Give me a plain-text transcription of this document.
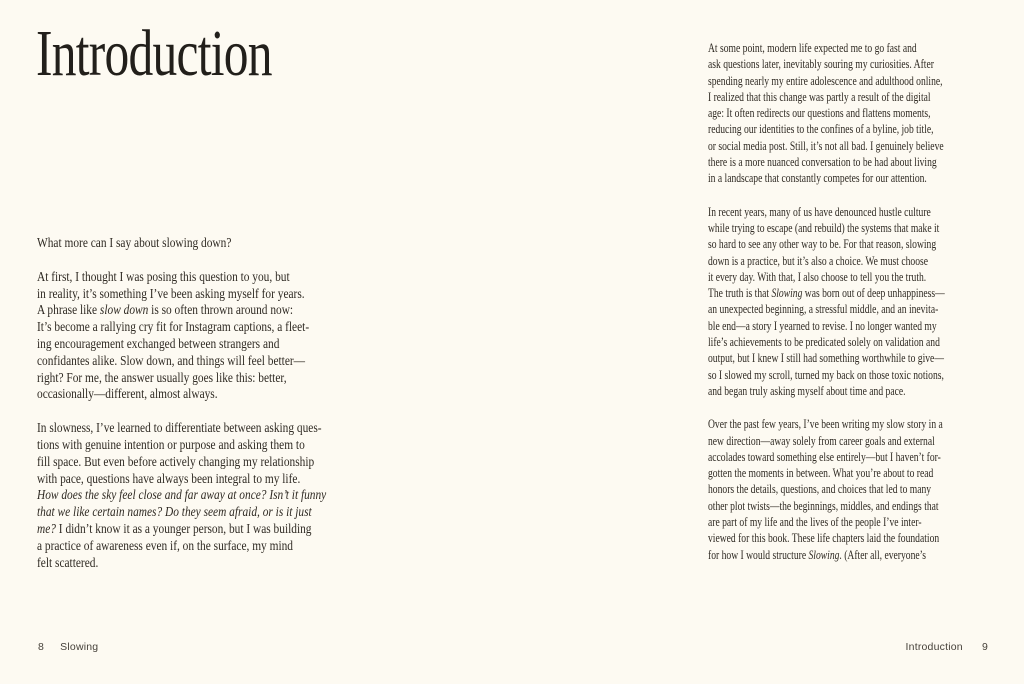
Introduction

What more can I say about slowing down?

At first, I thought I was posing this question to you, but
in reality, it’s something I’ve been asking myself for years.
A phrase like slow down is so often thrown around now:
It’s become a rallying cry fit for Instagram captions, a fleet-
ing encouragement exchanged between strangers and
confidantes alike. Slow down, and things will feel better—
right? For me, the answer usually goes like this: better,
occasionally—different, almost always.

In slowness, I’ve learned to differentiate between asking ques-
tions with genuine intention or purpose and asking them to
fill space. But even before actively changing my relationship
with pace, questions have always been integral to my life.
How does the sky feel close and far away at once? Isn’t it funny
that we like certain names? Do they seem afraid, or is it just
me? I didn’t know it as a younger person, but I was building
a practice of awareness even if, on the surface, my mind
felt scattered.

8 Slowing

At some point, modern life expected me to go fast and
ask questions later, inevitably souring my curiosities. After
spending nearly my entire adolescence and adulthood online,
I realized that this change was partly a result of the digital
age: It often redirects our questions and flattens moments,
reducing our identities to the confines of a byline, job title,
or social media post. Still, it’s not all bad. I genuinely believe
there is a more nuanced conversation to be had about living
in a landscape that constantly competes for our attention.

In recent years, many of us have denounced hustle culture
while trying to escape (and rebuild) the systems that make it
so hard to see any other way to be. For that reason, slowing
down is a practice, but it’s also a choice. We must choose
it every day. With that, I also choose to tell you the truth.
The truth is that Slowing was born out of deep unhappiness—
an unexpected beginning, a stressful middle, and an inevita-
ble end—a story I yearned to revise. I no longer wanted my
life’s achievements to be predicated solely on validation and
output, but I knew I still had something worthwhile to give—
so I slowed my scroll, turned my back on those toxic notions,
and began truly asking myself about time and pace.

Over the past few years, I’ve been writing my slow story in a
new direction—away solely from career goals and external
accolades toward something else entirely—but I haven’t for-
gotten the moments in between. What you’re about to read
honors the details, questions, and choices that led to many
other plot twists—the beginnings, middles, and endings that
are part of my life and the lives of the people I’ve inter-
viewed for this book. These life chapters laid the foundation
for how I would structure Slowing. (After all, everyone’s

Introduction 9
